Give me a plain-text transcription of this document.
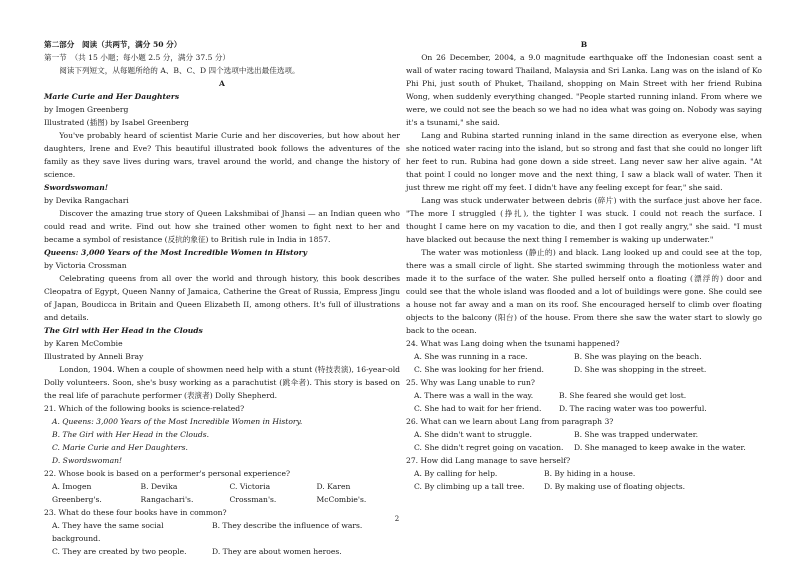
第二部分　阅读（共两节，满分 50 分）

第一节　（共 15 小题；每小题 2.5 分，满分 37.5 分）

阅读下列短文，从每题所给的 A、B、C、D 四个选项中选出最佳选项。

A

Marie Curie and Her Daughters

by Imogen Greenberg

Illustrated (插图) by Isabel Greenberg

You've probably heard of scientist Marie Curie and her discoveries, but how about her daughters, Irene and Eve? This beautiful illustrated book follows the adventures of the family as they save lives during wars, travel around the world, and change the history of science.

Swordswoman!

by Devika Rangachari

Discover the amazing true story of Queen Lakshmibai of Jhansi — an Indian queen who could read and write. Find out how she trained other women to fight next to her and became a symbol of resistance (反抗的象征) to British rule in India in 1857.

Queens: 3,000 Years of the Most Incredible Women in History

by Victoria Crossman

Celebrating queens from all over the world and through history, this book describes Cleopatra of Egypt, Queen Nanny of Jamaica, Catherine the Great of Russia, Empress Jingu of Japan, Boudicca in Britain and Queen Elizabeth II, among others. It's full of illustrations and details.

The Girl with Her Head in the Clouds

by Karen McCombie

Illustrated by Anneli Bray

London, 1904. When a couple of showmen need help with a stunt (特技表演), 16-year-old Dolly volunteers. Soon, she's busy working as a parachutist (跳伞者). This story is based on the real life of parachute performer (表演者) Dolly Shepherd.

21. Which of the following books is science-related?

A. Queens: 3,000 Years of the Most Incredible Women in History.

B. The Girl with Her Head in the Clouds.

C. Marie Curie and Her Daughters.

D. Swordswoman!

22. Whose book is based on a performer's personal experience?

A. Imogen Greenberg's.
B. Devika Rangachari's.
C. Victoria Crossman's.
D. Karen McCombie's.

23. What do these four books have in common?

A. They have the same social background.
B. They describe the influence of wars.

C. They are created by two people.	D. They are about women heroes.

B

On 26 December, 2004, a 9.0 magnitude earthquake off the Indonesian coast sent a wall of water racing toward Thailand, Malaysia and Sri Lanka. Lang was on the island of Ko Phi Phi, just south of Phuket, Thailand, shopping on Main Street with her friend Rubina Wong, when suddenly everything changed. "People started running inland. From where we were, we could not see the beach so we had no idea what was going on. Nobody was saying it's a tsunami," she said.

Lang and Rubina started running inland in the same direction as everyone else, when she noticed water racing into the island, but so strong and fast that she could no longer lift her feet to run. Rubina had gone down a side street. Lang never saw her alive again. "At that point I could no longer move and the next thing, I saw a black wall of water. Then it just threw me right off my feet. I didn't have any feeling except for fear," she said.

Lang was stuck underwater between debris (碎片) with the surface just above her face. "The more I struggled (挣扎), the tighter I was stuck. I could not reach the surface. I thought I came here on my vacation to die, and then I got really angry," she said. "I must have blacked out because the next thing I remember is waking up underwater."

The water was motionless (静止的) and black. Lang looked up and could see at the top, there was a small circle of light. She started swimming through the motionless water and made it to the surface of the water. She pulled herself onto a floating (漂浮的) door and could see that the whole island was flooded and a lot of buildings were gone. She could see a house not far away and a man on its roof. She encouraged herself to climb over floating objects to the balcony (阳台) of the house. From there she saw the water start to slowly go back to the ocean.

24. What was Lang doing when the tsunami happened?

A. She was running in a race.	B. She was playing on the beach.

C. She was looking for her friend.	D. She was shopping in the street.

25. Why was Lang unable to run?

A. There was a wall in the way.	B. She feared she would get lost.

C. She had to wait for her friend.	D. The racing water was too powerful.

26. What can we learn about Lang from paragraph 3?

A. She didn't want to struggle.	B. She was trapped underwater.

C. She didn't regret going on vacation.	D. She managed to keep awake in the water.

27. How did Lang manage to save herself?

A. By calling for help.	B. By hiding in a house.

C. By climbing up a tall tree.	D. By making use of floating objects.

2
